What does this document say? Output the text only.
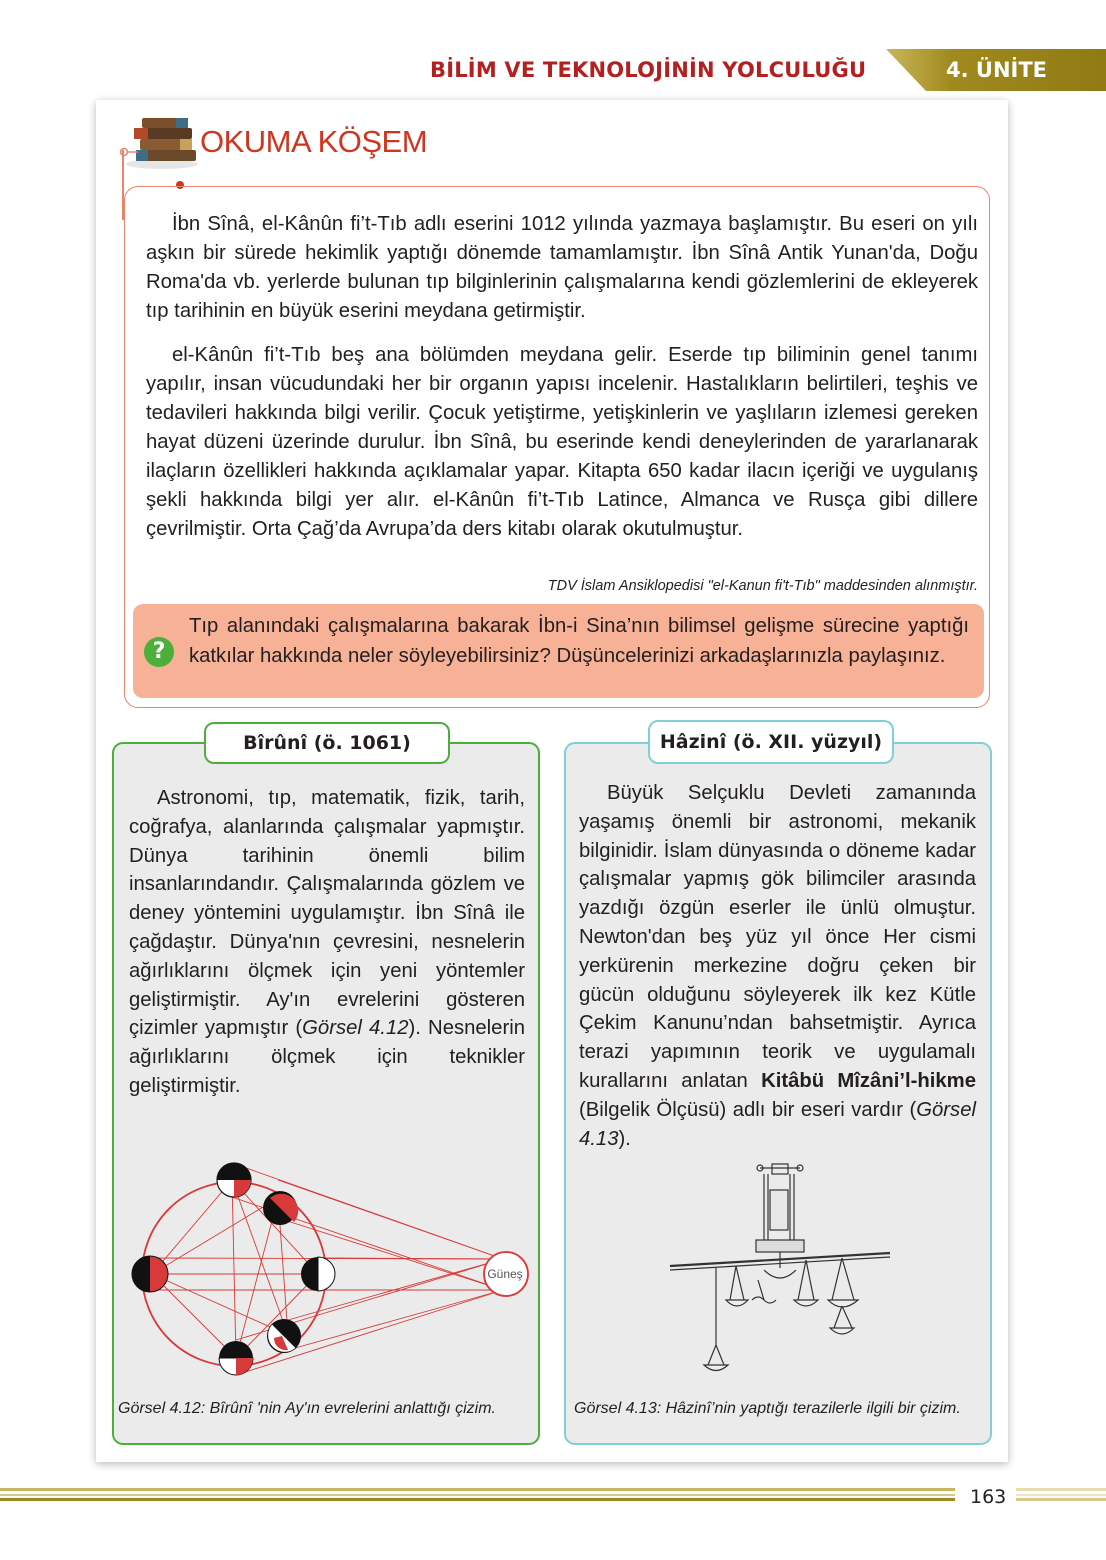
BİLİM VE TEKNOLOJİNİN YOLCULUĞU	4. ÜNİTE
OKUMA KÖŞEM

İbn Sînâ, el-Kânûn fi’t-Tıb adlı eserini 1012 yılında yazmaya başlamıştır. Bu eseri on yılı aşkın bir sürede hekimlik yaptığı dönemde tamamlamıştır. İbn Sînâ Antik Yunan'da, Doğu Roma'da vb. yerlerde bulunan tıp bilginlerinin çalışmalarına kendi gözlemlerini de ekleyerek tıp tarihinin en büyük eserini meydana getirmiştir.

el-Kânûn fi’t-Tıb beş ana bölümden meydana gelir. Eserde tıp biliminin genel tanımı yapılır, insan vücudundaki her bir organın yapısı incelenir. Hastalıkların belirtileri, teşhis ve tedavileri hakkında bilgi verilir. Çocuk yetiştirme, yetişkinlerin ve yaşlıların izlemesi gereken hayat düzeni üzerinde durulur. İbn Sînâ, bu eserinde kendi deneylerinden de yararlanarak ilaçların özellikleri hakkında açıklamalar yapar. Kitapta 650 kadar ilacın içeriği ve uygulanış şekli hakkında bilgi yer alır. el-Kânûn fi’t-Tıb Latince, Almanca ve Rusça gibi dillere çevrilmiştir. Orta Çağ’da Avrupa’da ders kitabı olarak okutulmuştur.

TDV İslam Ansiklopedisi "el-Kanun fi't-Tıb" maddesinden alınmıştır.
?

Tıp alanındaki çalışmalarına bakarak İbn-i Sina’nın bilimsel gelişme sürecine yaptığı katkılar hakkında neler söyleyebilirsiniz? Düşüncelerinizi arkadaşlarınızla paylaşınız.

Bîrûnî (ö. 1061)

Astronomi, tıp, matematik, fizik, tarih, coğrafya, alanlarında çalışmalar yapmıştır. Dünya tarihinin önemli bilim insanlarındandır. Çalışmalarında gözlem ve deney yöntemini uygulamıştır. İbn Sînâ ile çağdaştır. Dünya'nın çevresini, nesnelerin ağırlıklarını ölçmek için yeni yöntemler geliştirmiştir. Ay'ın evrelerini gösteren çizimler yapmıştır (Görsel 4.12). Nesnelerin ağırlıklarını ölçmek için teknikler geliştirmiştir.

Güneş
Görsel 4.12: Bîrûnî 'nin Ay'ın evrelerini anlattığı çizim.
Hâzinî (ö. XII. yüzyıl)

Büyük Selçuklu Devleti zamanında yaşamış önemli bir astronomi, mekanik bilginidir. İslam dünyasında o döneme kadar çalışmalar yapmış gök bilimciler arasında yazdığı özgün eserler ile ünlü olmuştur. Newton'dan beş yüz yıl önce Her cismi yerkürenin merkezine doğru çeken bir gücün olduğunu söyleyerek ilk kez Kütle Çekim Kanunu’ndan bahsetmiştir. Ayrıca terazi yapımının teorik ve uygulamalı kurallarını anlatan Kitâbü Mîzâni’l-hikme (Bilgelik Ölçüsü) adlı bir eseri vardır (Görsel 4.13).

Görsel 4.13: Hâzinî’nin yaptığı terazilerle ilgili bir çizim.
163
